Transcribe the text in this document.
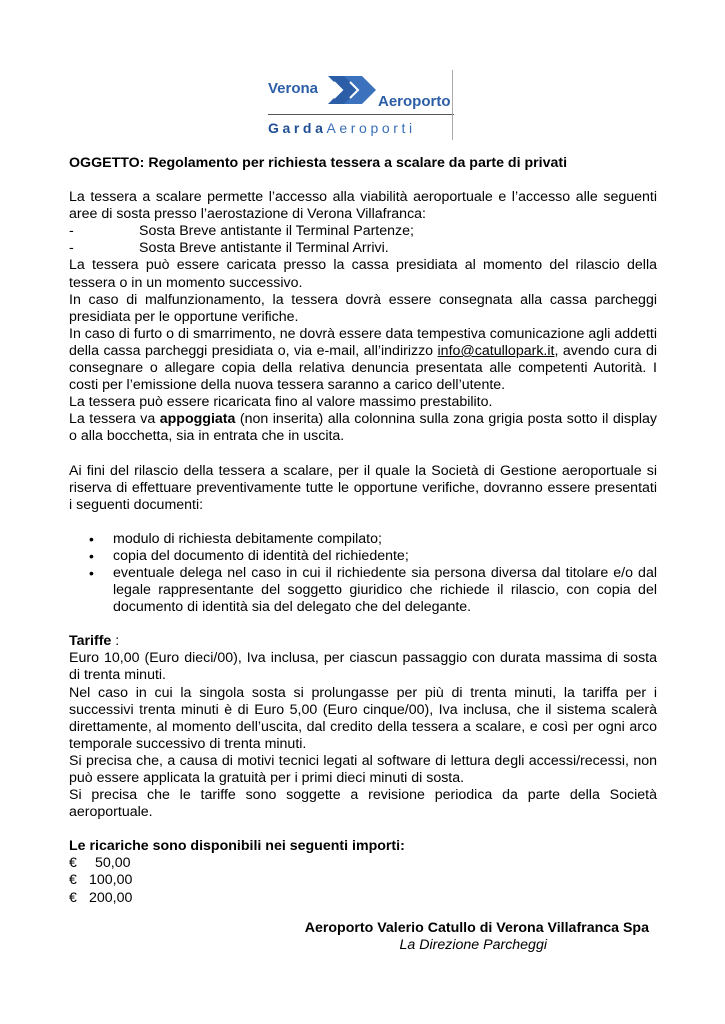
Verona
Aeroporto
GardaAeroporti

OGGETTO: Regolamento per richiesta tessera a scalare da parte di privati

La tessera a scalare permette l’accesso alla viabilità aeroportuale e l’accesso alle seguenti aree di sosta presso l’aerostazione di Verona Villafranca:

-	Sosta Breve antistante il Terminal Partenze;
-	Sosta Breve antistante il Terminal Arrivi.

La tessera può essere caricata presso la cassa presidiata al momento del rilascio della tessera o in un momento successivo.

In caso di malfunzionamento, la tessera dovrà essere consegnata alla cassa parcheggi presidiata per le opportune verifiche.

In caso di furto o di smarrimento, ne dovrà essere data tempestiva comunicazione agli addetti della cassa parcheggi presidiata o, via e-mail, all’indirizzo info@catullopark.it, avendo cura di consegnare o allegare copia della relativa denuncia presentata alle competenti Autorità. I costi per l’emissione della nuova tessera saranno a carico dell’utente.

La tessera può essere ricaricata fino al valore massimo prestabilito.

La tessera va appoggiata (non inserita) alla colonnina sulla zona grigia posta sotto il display o alla bocchetta, sia in entrata che in uscita.

Ai fini del rilascio della tessera a scalare, per il quale la Società di Gestione aeroportuale si riserva di effettuare preventivamente tutte le opportune verifiche, dovranno essere presentati i seguenti documenti:

• modulo di richiesta debitamente compilato;
• copia del documento di identità del richiedente;
• eventuale delega nel caso in cui il richiedente sia persona diversa dal titolare e/o dal legale rappresentante del soggetto giuridico che richiede il rilascio, con copia del documento di identità sia del delegato che del delegante.

Tariffe :

Euro 10,00 (Euro dieci/00), Iva inclusa, per ciascun passaggio con durata massima di sosta di trenta minuti.

Nel caso in cui la singola sosta si prolungasse per più di trenta minuti, la tariffa per i successivi trenta minuti è di Euro 5,00 (Euro cinque/00), Iva inclusa, che il sistema scalerà direttamente, al momento dell’uscita, dal credito della tessera a scalare, e così per ogni arco temporale successivo di trenta minuti.

Si precisa che, a causa di motivi tecnici legati al software di lettura degli accessi/recessi, non può essere applicata la gratuità per i primi dieci minuti di sosta.

Si precisa che le tariffe sono soggette a revisione periodica da parte della Società aeroportuale.

Le ricariche sono disponibili nei seguenti importi:

€	50,00
€ 100,00
€ 200,00
Aeroporto Valerio Catullo di Verona Villafranca Spa
La Direzione Parcheggi
